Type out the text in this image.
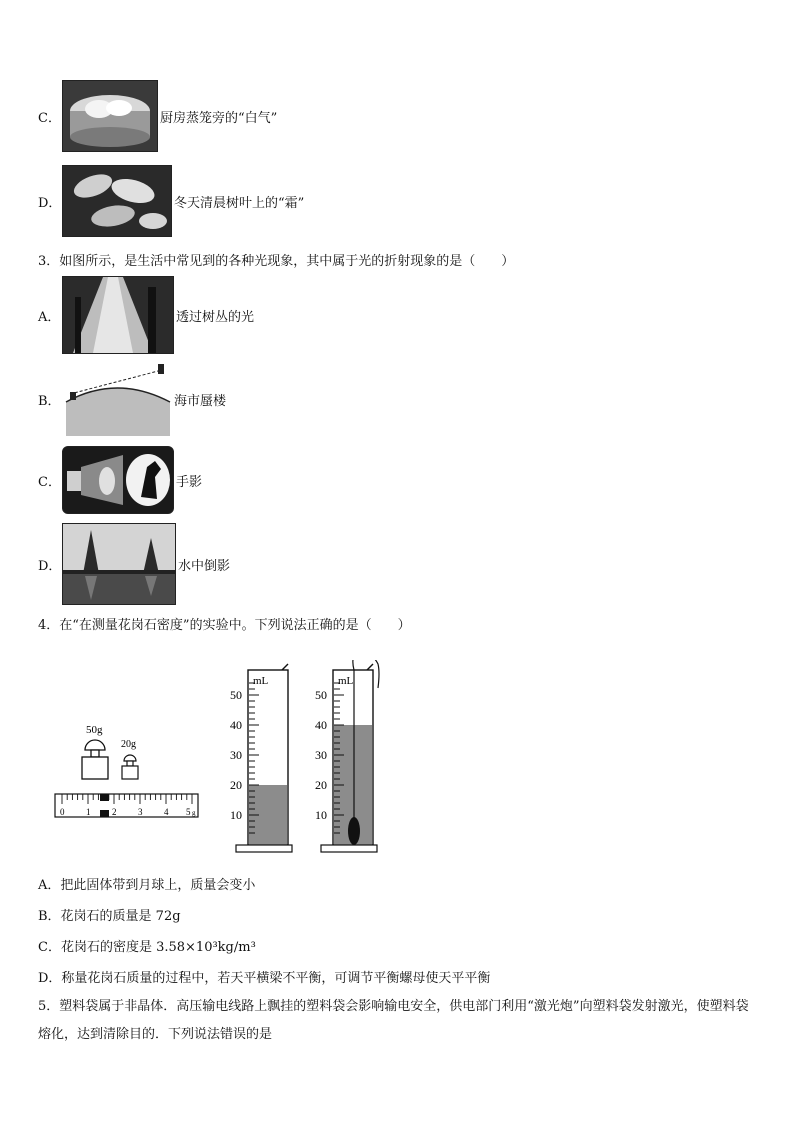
C．	厨房蒸笼旁的“白气”
D．	冬天清晨树叶上的“霜”
3．如图所示，是生活中常见到的各种光现象，其中属于光的折射现象的是（　　）
A．	透过树丛的光
B．	海市蜃楼
C．	手影
D．	水中倒影
4．在“在测量花岗石密度”的实验中。下列说法正确的是（　　）
50g
20g
0 1 2 3 4 5 g
mL
50
40
30
20
10
mL
50
40
30
20
10
A．把此固体带到月球上，质量会变小
B．花岗石的质量是 72g
C．花岗石的密度是 3.58×10³kg/m³
D．称量花岗石质量的过程中，若天平横梁不平衡，可调节平衡螺母使天平平衡
5．塑料袋属于非晶体．高压输电线路上飘挂的塑料袋会影响输电安全，供电部门利用“激光炮”向塑料袋发射激光，使塑料袋熔化，达到清除目的．下列说法错误的是
